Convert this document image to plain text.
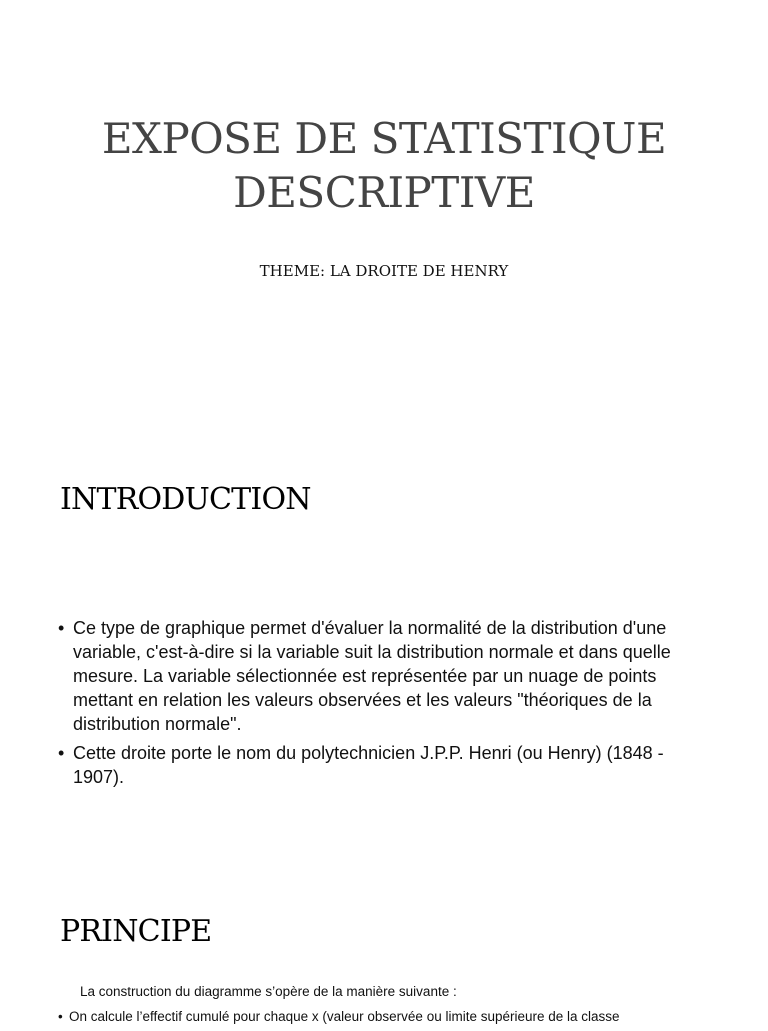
EXPOSE DE STATISTIQUE
DESCRIPTIVE

THEME: LA DROITE DE HENRY

INTRODUCTION
• Ce type de graphique permet d'évaluer la normalité de la distribution d'une variable, c'est-à-dire si la variable suit la distribution normale et dans quelle mesure. La variable sélectionnée est représentée par un nuage de points mettant en relation les valeurs observées et les valeurs "théoriques de la distribution normale".
• Cette droite porte le nom du polytechnicien J.P.P. Henri (ou Henry) (1848 - 1907).
PRINCIPE

La construction du diagramme s’opère de la manière suivante :

• On calcule l’effectif cumulé pour chaque x (valeur observée ou limite supérieure de la classe
